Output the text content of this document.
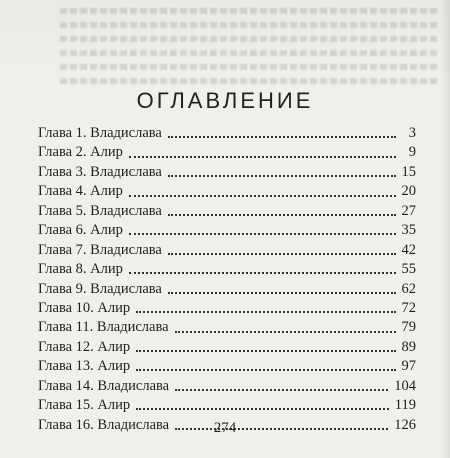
ОГЛАВЛЕНИЕ
Глава 1. Владислава	3
Глава 2. Алир	9
Глава 3. Владислава	15
Глава 4. Алир	20
Глава 5. Владислава	27
Глава 6. Алир	35
Глава 7. Владислава	42
Глава 8. Алир	55
Глава 9. Владислава	62
Глава 10. Алир	72
Глава 11. Владислава	79
Глава 12. Алир	89
Глава 13. Алир	97
Глава 14. Владислава	104
Глава 15. Алир	119
Глава 16. Владислава	126
274
